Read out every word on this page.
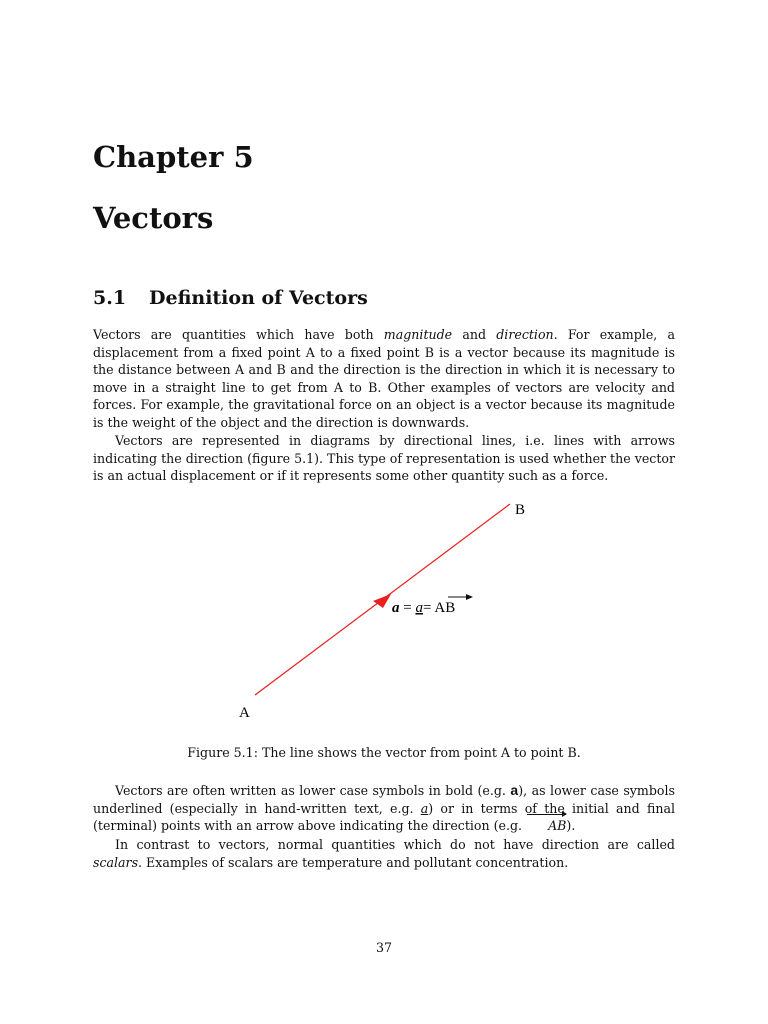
Chapter 5
Vectors
5.1 Definition of Vectors
Vectors are quantities which have both magnitude and direction. For example, a displacement from a fixed point A to a fixed point B is a vector because its magnitude is the distance between A and B and the direction is the direction in which it is necessary to move in a straight line to get from A to B. Other examples of vectors are velocity and forces. For example, the gravitational force on an object is a vector because its magnitude is the weight of the object and the direction is downwards.
Vectors are represented in diagrams by directional lines, i.e. lines with arrows indicating the direction (figure 5.1). This type of representation is used whether the vector is an actual displacement or if it represents some other quantity such as a force.
B
A
a = a= AB
Figure 5.1: The line shows the vector from point A to point B.
Vectors are often written as lower case symbols in bold (e.g. a), as lower case symbols underlined (especially in hand-written text, e.g. a) or in terms of the initial and final (terminal) points with an arrow above indicating the direction (e.g. AB).
In contrast to vectors, normal quantities which do not have direction are called scalars. Examples of scalars are temperature and pollutant concentration.
37
